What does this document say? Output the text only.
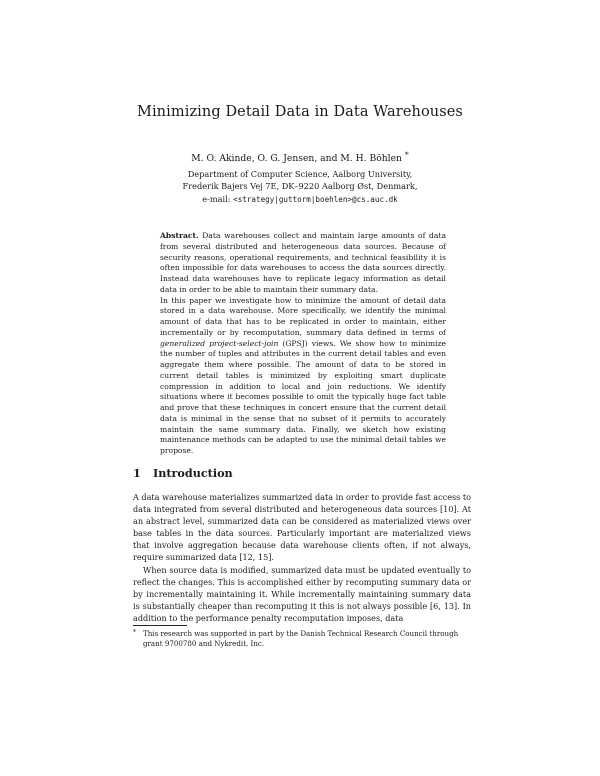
Minimizing Detail Data in Data Warehouses
M. O. Akinde, O. G. Jensen, and M. H. Böhlen *
Department of Computer Science, Aalborg University,
Frederik Bajers Vej 7E, DK–9220 Aalborg Øst, Denmark,
e-mail: <strategy|guttorm|boehlen>@cs.auc.dk

Abstract. Data warehouses collect and maintain large amounts of data from several distributed and heterogeneous data sources. Because of security reasons, operational requirements, and technical feasibility it is often impossible for data warehouses to access the data sources directly. Instead data warehouses have to replicate legacy information as detail data in order to be able to maintain their summary data.

In this paper we investigate how to minimize the amount of detail data stored in a data warehouse. More specifically, we identify the minimal amount of data that has to be replicated in order to maintain, either incrementally or by recomputation, summary data defined in terms of generalized project-select-join (GPSJ) views. We show how to minimize the number of tuples and attributes in the current detail tables and even aggregate them where possible. The amount of data to be stored in current detail tables is minimized by exploiting smart duplicate compression in addition to local and join reductions. We identify situations where it becomes possible to omit the typically huge fact table and prove that these techniques in concert ensure that the current detail data is minimal in the sense that no subset of it permits to accurately maintain the same summary data. Finally, we sketch how existing maintenance methods can be adapted to use the minimal detail tables we propose.

1 Introduction

A data warehouse materializes summarized data in order to provide fast access to data integrated from several distributed and heterogeneous data sources [10]. At an abstract level, summarized data can be considered as materialized views over base tables in the data sources. Particularly important are materialized views that involve aggregation because data warehouse clients often, if not always, require summarized data [12, 15].

When source data is modified, summarized data must be updated eventually to reflect the changes. This is accomplished either by recomputing summary data or by incrementally maintaining it. While incrementally maintaining summary data is substantially cheaper than recomputing it this is not always possible [6, 13]. In addition to the performance penalty recomputation imposes, data

* This research was supported in part by the Danish Technical Research Council through grant 9700780 and Nykredit, Inc.
